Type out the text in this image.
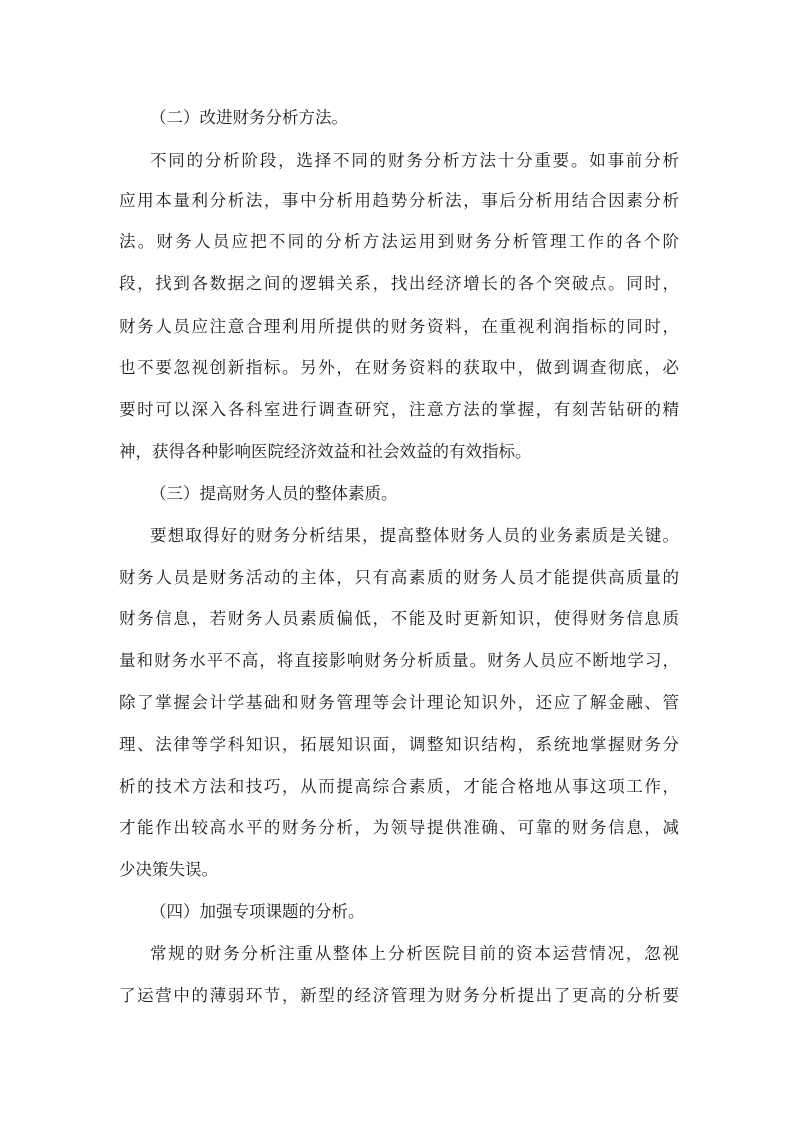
（二）改进财务分析方法。
不同的分析阶段，选择不同的财务分析方法十分重要。如事前分析
应用本量利分析法，事中分析用趋势分析法，事后分析用结合因素分析
法。财务人员应把不同的分析方法运用到财务分析管理工作的各个阶
段，找到各数据之间的逻辑关系，找出经济增长的各个突破点。同时，
财务人员应注意合理利用所提供的财务资料，在重视利润指标的同时，
也不要忽视创新指标。另外，在财务资料的获取中，做到调查彻底，必
要时可以深入各科室进行调查研究，注意方法的掌握，有刻苦钻研的精
神，获得各种影响医院经济效益和社会效益的有效指标。
（三）提高财务人员的整体素质。
要想取得好的财务分析结果，提高整体财务人员的业务素质是关键。
财务人员是财务活动的主体，只有高素质的财务人员才能提供高质量的
财务信息，若财务人员素质偏低，不能及时更新知识，使得财务信息质
量和财务水平不高，将直接影响财务分析质量。财务人员应不断地学习，
除了掌握会计学基础和财务管理等会计理论知识外，还应了解金融、管
理、法律等学科知识，拓展知识面，调整知识结构，系统地掌握财务分
析的技术方法和技巧，从而提高综合素质，才能合格地从事这项工作，
才能作出较高水平的财务分析，为领导提供准确、可靠的财务信息，减
少决策失误。
（四）加强专项课题的分析。
常规的财务分析注重从整体上分析医院目前的资本运营情况，忽视
了运营中的薄弱环节，新型的经济管理为财务分析提出了更高的分析要
